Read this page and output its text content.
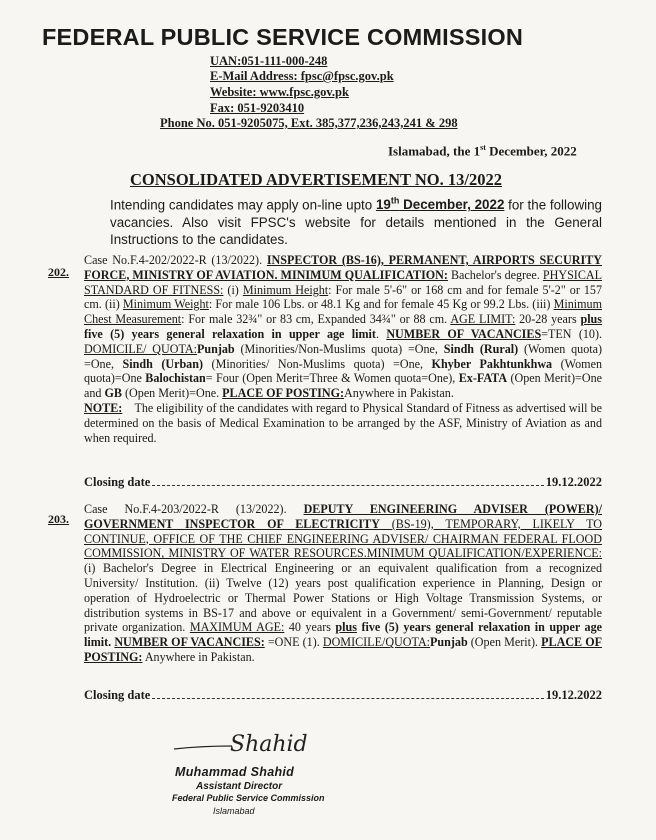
FEDERAL PUBLIC SERVICE COMMISSION
UAN:051-111-000-248
E-Mail Address: fpsc@fpsc.gov.pk
Website: www.fpsc.gov.pk
Fax: 051-9203410
Phone No. 051-9205075, Ext. 385,377,236,243,241 & 298
Islamabad, the 1st December, 2022
CONSOLIDATED ADVERTISEMENT NO. 13/2022
Intending candidates may apply on-line upto 19th December, 2022 for the following vacancies. Also visit FPSC's website for details mentioned in the General Instructions to the candidates.
202.
Case No.F.4-202/2022-R (13/2022). INSPECTOR (BS-16), PERMANENT, AIRPORTS SECURITY FORCE, MINISTRY OF AVIATION. MINIMUM QUALIFICATION: Bachelor's degree. PHYSICAL STANDARD OF FITNESS: (i) Minimum Height: For male 5'-6" or 168 cm and for female 5'-2" or 157 cm. (ii) Minimum Weight: For male 106 Lbs. or 48.1 Kg and for female 45 Kg or 99.2 Lbs. (iii) Minimum Chest Measurement: For male 32¾" or 83 cm, Expanded 34¾" or 88 cm. AGE LIMIT: 20-28 years plus five (5) years general relaxation in upper age limit. NUMBER OF VACANCIES=TEN (10). DOMICILE/ QUOTA:Punjab (Minorities/Non-Muslims quota) =One, Sindh (Rural) (Women quota) =One, Sindh (Urban) (Minorities/ Non-Muslims quota) =One, Khyber Pakhtunkhwa (Women quota)=One Balochistan= Four (Open Merit=Three & Women quota=One), Ex-FATA (Open Merit)=One and GB (Open Merit)=One. PLACE OF POSTING:Anywhere in Pakistan.
NOTE: The eligibility of the candidates with regard to Physical Standard of Fitness as advertised will be determined on the basis of Medical Examination to be arranged by the ASF, Ministry of Aviation as and when required.
Closing date	19.12.2022
203.
Case No.F.4-203/2022-R (13/2022). DEPUTY ENGINEERING ADVISER (POWER)/ GOVERNMENT INSPECTOR OF ELECTRICITY (BS-19), TEMPORARY, LIKELY TO CONTINUE, OFFICE OF THE CHIEF ENGINEERING ADVISER/ CHAIRMAN FEDERAL FLOOD COMMISSION, MINISTRY OF WATER RESOURCES.MINIMUM QUALIFICATION/EXPERIENCE: (i) Bachelor's Degree in Electrical Engineering or an equivalent qualification from a recognized University/ Institution. (ii) Twelve (12) years post qualification experience in Planning, Design or operation of Hydroelectric or Thermal Power Stations or High Voltage Transmission Systems, or distribution systems in BS-17 and above or equivalent in a Government/ semi-Government/ reputable private organization. MAXIMUM AGE: 40 years plus five (5) years general relaxation in upper age limit. NUMBER OF VACANCIES: =ONE (1). DOMICILE/QUOTA:Punjab (Open Merit). PLACE OF POSTING: Anywhere in Pakistan.
Closing date	19.12.2022
Shahid
Muhammad Shahid
Assistant Director
Federal Public Service Commission
Islamabad
